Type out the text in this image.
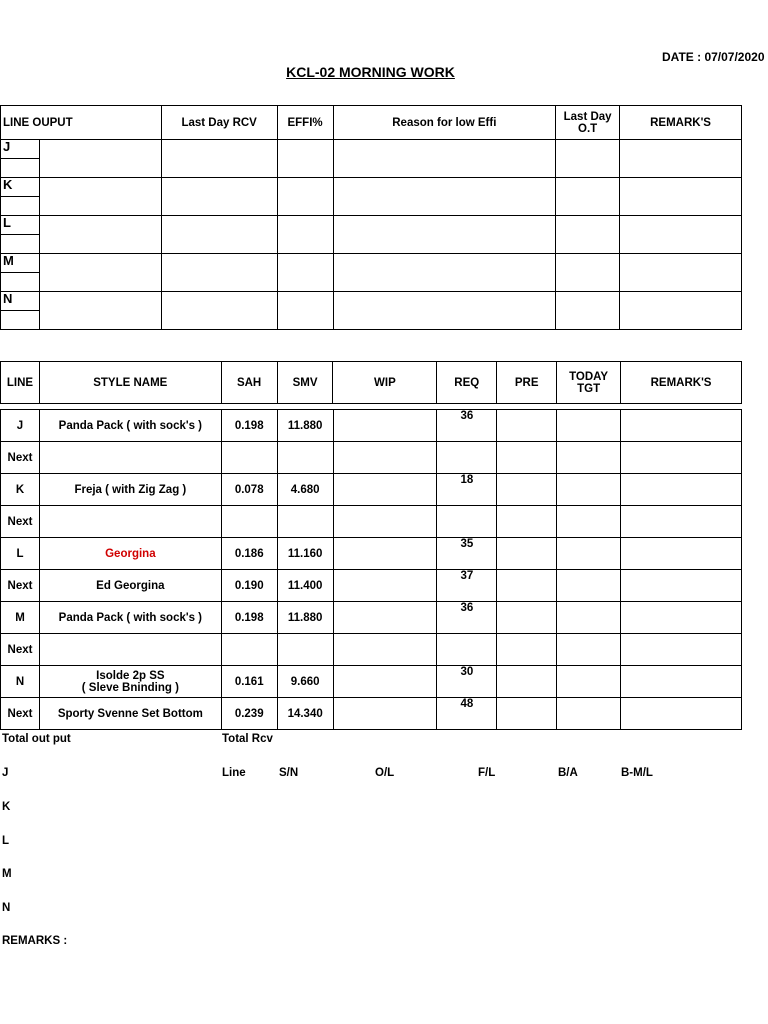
DATE : 07/07/2020
KCL-02 MORNING WORK
LINE OUPUT		Last Day RCV	EFFI%	Reason for low Effi	Last Day O.T	REMARK'S
J						

K						

L						

M						

N						

LINE	STYLE NAME	SAH	SMV	WIP	REQ	PRE	TODAY TGT	REMARK'S
J	Panda Pack ( with sock's )	0.198	11.880		36			
Next								
K	Freja ( with Zig Zag )	0.078	4.680		18			
Next								
L	Georgina	0.186	11.160		35			
Next	Ed Georgina	0.190	11.400		37			
M	Panda Pack ( with sock's )	0.198	11.880		36			
Next								
N	Isolde 2p SS
( Sleve Bninding )	0.161	9.660		30			
Next	Sporty Svenne Set Bottom	0.239	14.340		48			
Total out put	Total Rcv
J	Line	S/N	O/L	F/L	B/A	B-M/L
K
L
M
N
REMARKS :
